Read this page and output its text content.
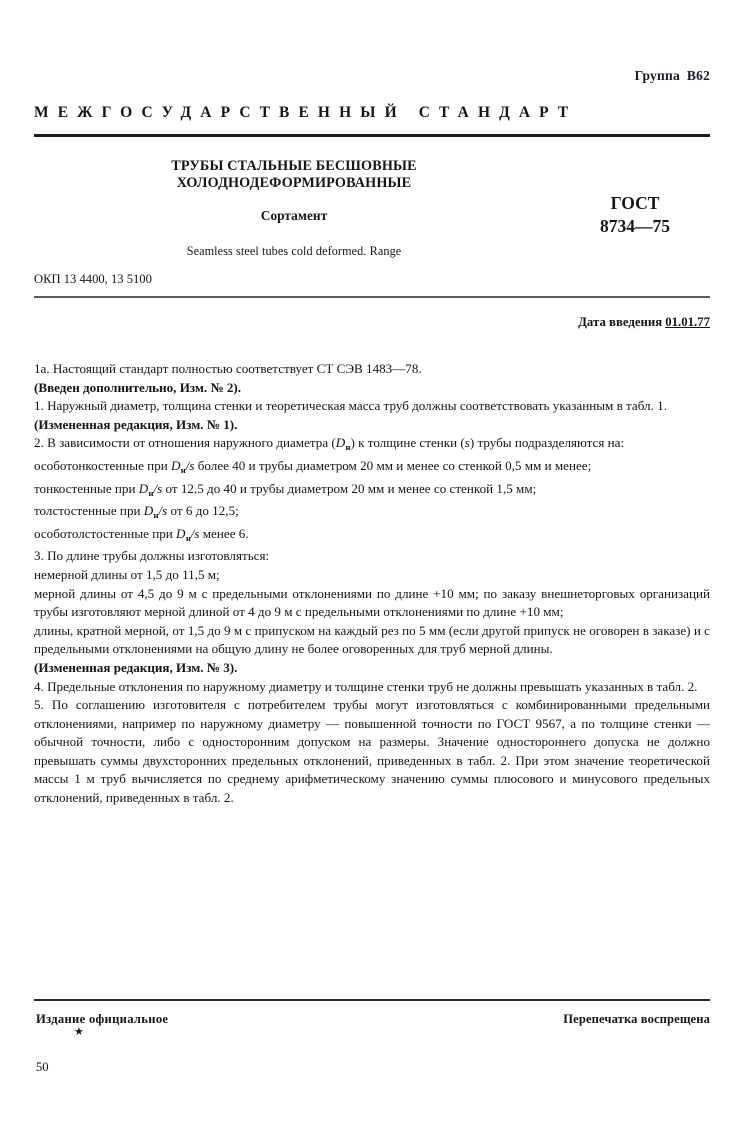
Группа В62
МЕЖГОСУДАРСТВЕННЫЙ СТАНДАРТ
ТРУБЫ СТАЛЬНЫЕ БЕСШОВНЫЕ
ХОЛОДНОДЕФОРМИРОВАННЫЕ
Сортамент
Seamless steel tubes cold deformed. Range
ГОСТ
8734—75
ОКП 13 4400, 13 5100
Дата введения 01.01.77

1а. Настоящий стандарт полностью соответствует СТ СЭВ 1483—78.

(Введен дополнительно, Изм. № 2).

1. Наружный диаметр, толщина стенки и теоретическая масса труб должны соответствовать указанным в табл. 1.

(Измененная редакция, Изм. № 1).

2. В зависимости от отношения наружного диаметра $(D_н)$ к толщине стенки (s) трубы подразделяются на:

особотонкостенные при $D_н/s$ более 40 и трубы диаметром 20 мм и менее со стенкой 0,5 мм и менее;

тонкостенные при $D_н/s$ от 12,5 до 40 и трубы диаметром 20 мм и менее со стенкой 1,5 мм;

толстостенные при $D_н/s$ от 6 до 12,5;

особотолстостенные при $D_н/s$ менее 6.

3. По длине трубы должны изготовляться:

немерной длины от 1,5 до 11,5 м;

мерной длины от 4,5 до 9 м с предельными отклонениями по длине +10 мм; по заказу внешнеторговых организаций трубы изготовляют мерной длиной от 4 до 9 м с предельными отклонениями по длине +10 мм;

длины, кратной мерной, от 1,5 до 9 м с припуском на каждый рез по 5 мм (если другой припуск не оговорен в заказе) и с предельными отклонениями на общую длину не более оговоренных для труб мерной длины.

(Измененная редакция, Изм. № 3).

4. Предельные отклонения по наружному диаметру и толщине стенки труб не должны превышать указанных в табл. 2.

5. По соглашению изготовителя с потребителем трубы могут изготовляться с комбинированными предельными отклонениями, например по наружному диаметру — повышенной точности по ГОСТ 9567, а по толщине стенки — обычной точности, либо с односторонним допуском на размеры. Значение одностороннего допуска не должно превышать суммы двухсторонних предельных отклонений, приведенных в табл. 2. При этом значение теоретической массы 1 м труб вычисляется по среднему арифметическому значению суммы плюсового и минусового предельных отклонений, приведенных в табл. 2.

Издание официальное
★
Перепечатка воспрещена
50
